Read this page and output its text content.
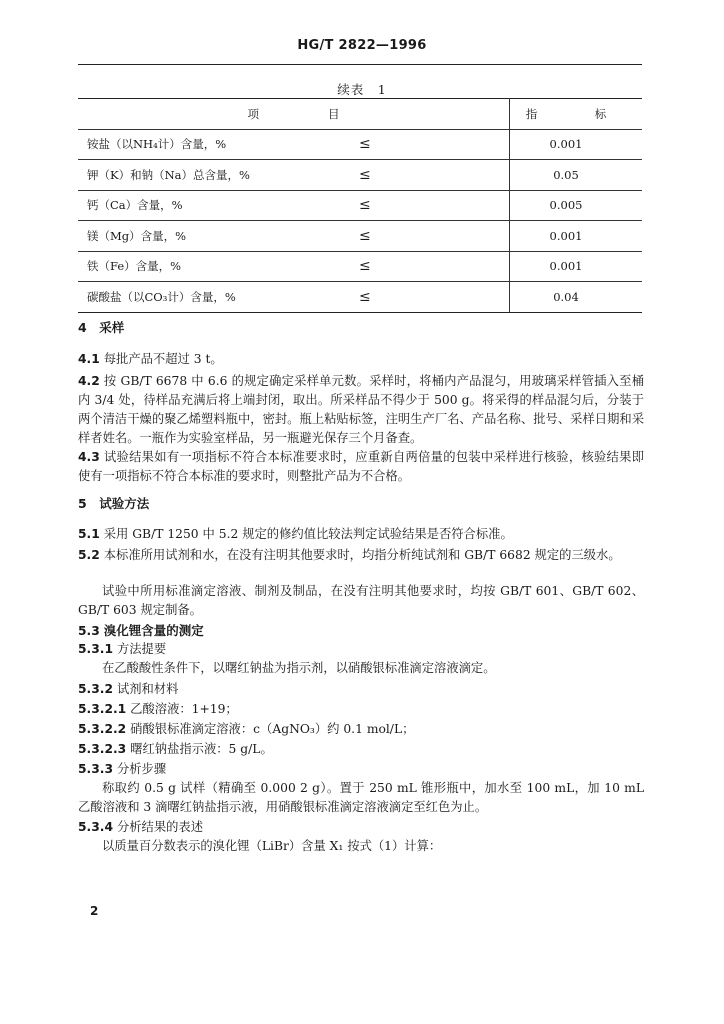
HG/T 2822—1996
续表　1
项　　　　　　目		指　　　　　标
铵盐（以NH₄计）含量，%	≤	0.001
钾（K）和钠（Na）总含量，%	≤	0.05
钙（Ca）含量，%	≤	0.005
镁（Mg）含量，%	≤	0.001
铁（Fe）含量，%	≤	0.001
碳酸盐（以CO₃计）含量，%	≤	0.04
4　采样
4.1 每批产品不超过 3 t。
4.2 按 GB/T 6678 中 6.6 的规定确定采样单元数。采样时，将桶内产品混匀，用玻璃采样管插入至桶内 3/4 处，待样品充满后将上端封闭，取出。所采样品不得少于 500 g。将采得的样品混匀后，分装于两个清洁干燥的聚乙烯塑料瓶中，密封。瓶上粘贴标签，注明生产厂名、产品名称、批号、采样日期和采样者姓名。一瓶作为实验室样品，另一瓶避光保存三个月备查。
4.3 试验结果如有一项指标不符合本标准要求时，应重新自两倍量的包装中采样进行核验，核验结果即使有一项指标不符合本标准的要求时，则整批产品为不合格。
5　试验方法
5.1 采用 GB/T 1250 中 5.2 规定的修约值比较法判定试验结果是否符合标准。
5.2 本标准所用试剂和水，在没有注明其他要求时，均指分析纯试剂和 GB/T 6682 规定的三级水。
试验中所用标准滴定溶液、制剂及制品，在没有注明其他要求时，均按 GB/T 601、GB/T 602、GB/T 603 规定制备。
5.3 溴化锂含量的测定
5.3.1 方法提要
在乙酸酸性条件下，以曙红钠盐为指示剂，以硝酸银标准滴定溶液滴定。
5.3.2 试剂和材料
5.3.2.1 乙酸溶液：1+19；
5.3.2.2 硝酸银标准滴定溶液：c（AgNO₃）约 0.1 mol/L；
5.3.2.3 曙红钠盐指示液：5 g/L。
5.3.3 分析步骤
称取约 0.5 g 试样（精确至 0.000 2 g）。置于 250 mL 锥形瓶中，加水至 100 mL，加 10 mL 乙酸溶液和 3 滴曙红钠盐指示液，用硝酸银标准滴定溶液滴定至红色为止。
5.3.4 分析结果的表述
以质量百分数表示的溴化锂（LiBr）含量 X₁ 按式（1）计算：
2
